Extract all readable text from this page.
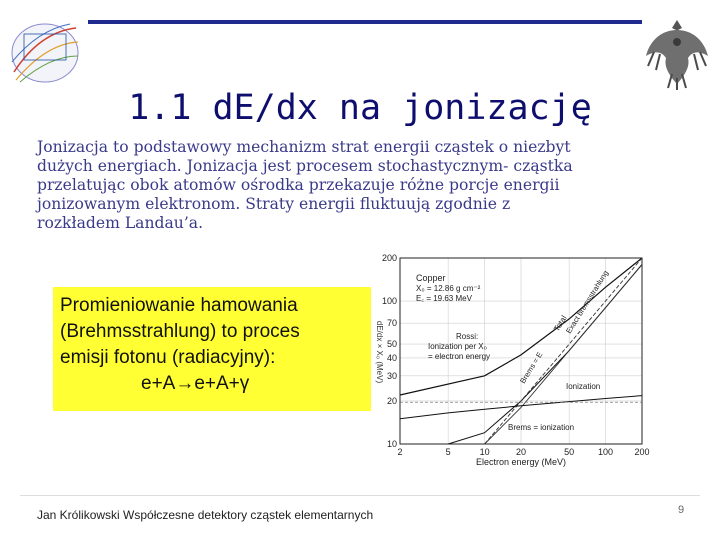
1.1 dE/dx na jonizację
Jonizacja to podstawowy mechanizm strat energii cząstek o niezbyt
dużych energiach. Jonizacja jest procesem stochastycznym- cząstka
przelatując obok atomów ośrodka przekazuje różne porcje energii
jonizowanym elektronom. Straty energii fluktuują zgodnie z
rozkładem Landau’a.
Promieniowanie hamowania
(Brehmsstrahlung) to proces
emisji fotonu (radiacyjny):
e+A→e+A+γ
2	5	10	20	50	100 200
10
20
30
40
50
70
100
200
dE/dx × X₀ (MeV)
Electron energy (MeV)
Copper
X₀ = 12.86 g cm⁻²
E꜀ = 19.63 MeV
Rossi:
Ionization per X₀
= electron energy
Total
Exact bremsstrahlung
Brems = E
Ionization
Brems = ionization
Jan Królikowski Współczesne detektory cząstek elementarnych	9
